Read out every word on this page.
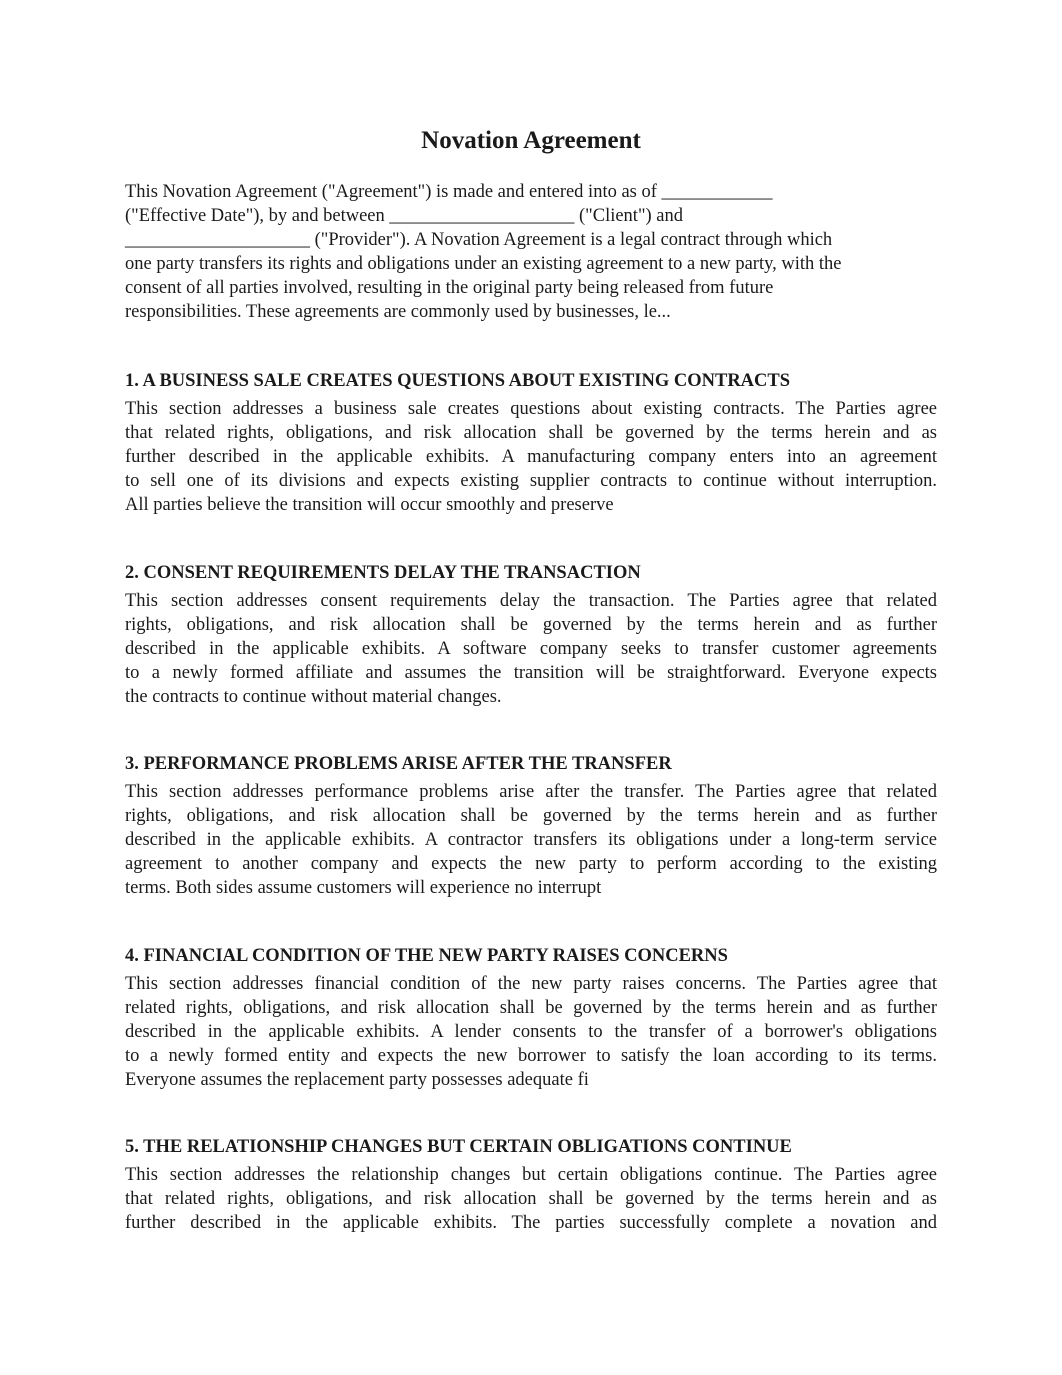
Novation Agreement

This Novation Agreement ("Agreement") is made and entered into as of ____________
("Effective Date"), by and between ____________________ ("Client") and
____________________ ("Provider"). A Novation Agreement is a legal contract through which
one party transfers its rights and obligations under an existing agreement to a new party, with the
consent of all parties involved, resulting in the original party being released from future
responsibilities. These agreements are commonly used by businesses, le...

1. A BUSINESS SALE CREATES QUESTIONS ABOUT EXISTING CONTRACTS

This section addresses a business sale creates questions about existing contracts. The Parties agree
that related rights, obligations, and risk allocation shall be governed by the terms herein and as
further described in the applicable exhibits. A manufacturing company enters into an agreement
to sell one of its divisions and expects existing supplier contracts to continue without interruption.
All parties believe the transition will occur smoothly and preserve

2. CONSENT REQUIREMENTS DELAY THE TRANSACTION

This section addresses consent requirements delay the transaction. The Parties agree that related
rights, obligations, and risk allocation shall be governed by the terms herein and as further
described in the applicable exhibits. A software company seeks to transfer customer agreements
to a newly formed affiliate and assumes the transition will be straightforward. Everyone expects
the contracts to continue without material changes.

3. PERFORMANCE PROBLEMS ARISE AFTER THE TRANSFER

This section addresses performance problems arise after the transfer. The Parties agree that related
rights, obligations, and risk allocation shall be governed by the terms herein and as further
described in the applicable exhibits. A contractor transfers its obligations under a long-term service
agreement to another company and expects the new party to perform according to the existing
terms. Both sides assume customers will experience no interrupt

4. FINANCIAL CONDITION OF THE NEW PARTY RAISES CONCERNS

This section addresses financial condition of the new party raises concerns. The Parties agree that
related rights, obligations, and risk allocation shall be governed by the terms herein and as further
described in the applicable exhibits. A lender consents to the transfer of a borrower's obligations
to a newly formed entity and expects the new borrower to satisfy the loan according to its terms.
Everyone assumes the replacement party possesses adequate fi

5. THE RELATIONSHIP CHANGES BUT CERTAIN OBLIGATIONS CONTINUE

This section addresses the relationship changes but certain obligations continue. The Parties agree
that related rights, obligations, and risk allocation shall be governed by the terms herein and as
further described in the applicable exhibits. The parties successfully complete a novation and
